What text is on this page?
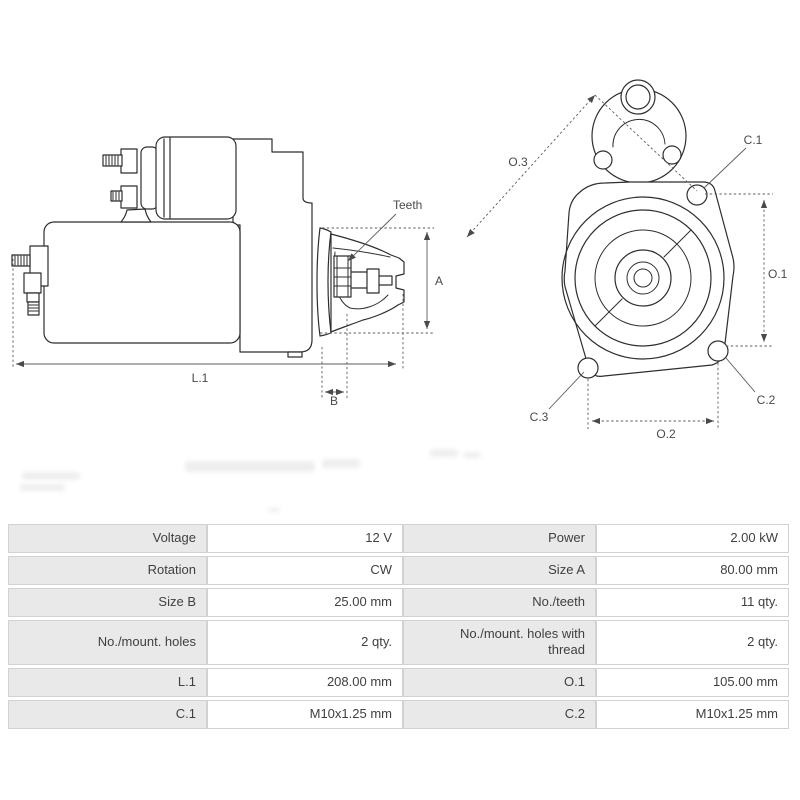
Teeth
A
L.1
B
O.3
C.1
O.1
C.2
C.3
O.2
Voltage	12 V	Power	2.00 kW
Rotation	CW	Size A	80.00 mm
Size B	25.00 mm	No./teeth	11 qty.
No./mount. holes	2 qty.	No./mount. holes with thread	2 qty.
L.1	208.00 mm	O.1	105.00 mm
C.1	M10x1.25 mm	C.2	M10x1.25 mm
